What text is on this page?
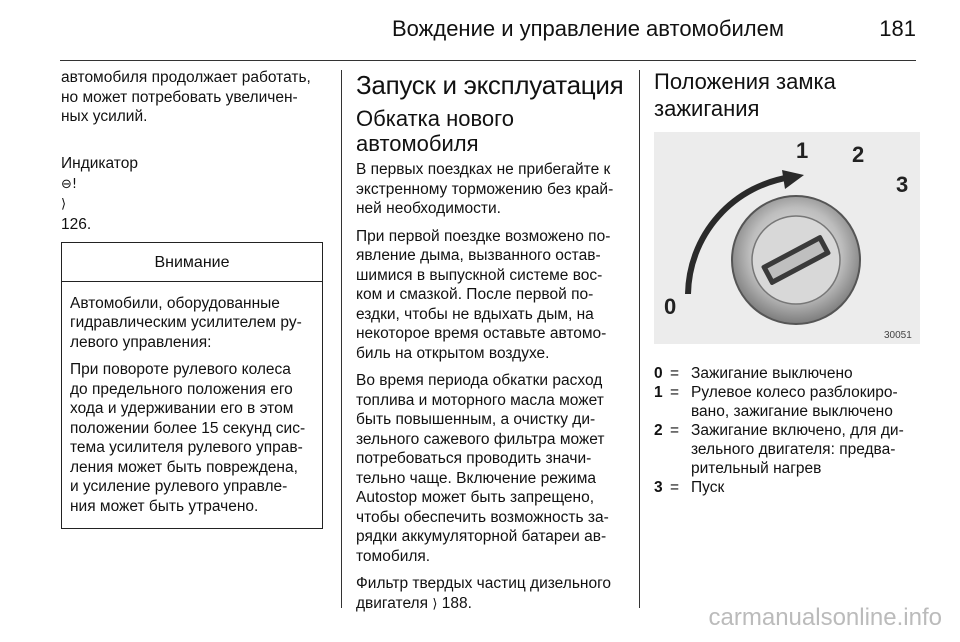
Вождение и управление автомобилем	181

автомобиля продолжает работать,
но может потребовать увеличен-
ных усилий.

Индикатор
⊖!
⟩
126.

Внимание

Автомобили, оборудованные
гидравлическим усилителем ру-
левого управления:

При повороте рулевого колеса
до предельного положения его
хода и удерживании его в этом
положении более 15 секунд сис-
тема усилителя рулевого управ-
ления может быть повреждена,
и усиление рулевого управле-
ния может быть утрачено.

Запуск и эксплуатация
Обкатка нового
автомобиля

В первых поездках не прибегайте к
экстренному торможению без край-
ней необходимости.

При первой поездке возможено по-
явление дыма, вызванного остав-
шимися в выпускной системе вос-
ком и смазкой. После первой по-
ездки, чтобы не вдыхать дым, на
некоторое время оставьте автомо-
биль на открытом воздухе.

Во время периода обкатки расход
топлива и моторного масла может
быть повышенным, а очистку ди-
зельного сажевого фильтра может
потребоваться проводить значи-
тельно чаще. Включение режима
Autostop может быть запрещено,
чтобы обеспечить возможность за-
рядки аккумуляторной батареи ав-
томобиля.

Фильтр твердых частиц дизельного
двигателя ⟩ 188.

Положения замка
зажигания
0
1 2
3
30051
0 = Зажигание выключено
1 = Рулевое колесо разблокиро-
вано, зажигание выключено
2 = Зажигание включено, для ди-
зельного двигателя: предва-
рительный нагрев
3 = Пуск
carmanualsonline.info
